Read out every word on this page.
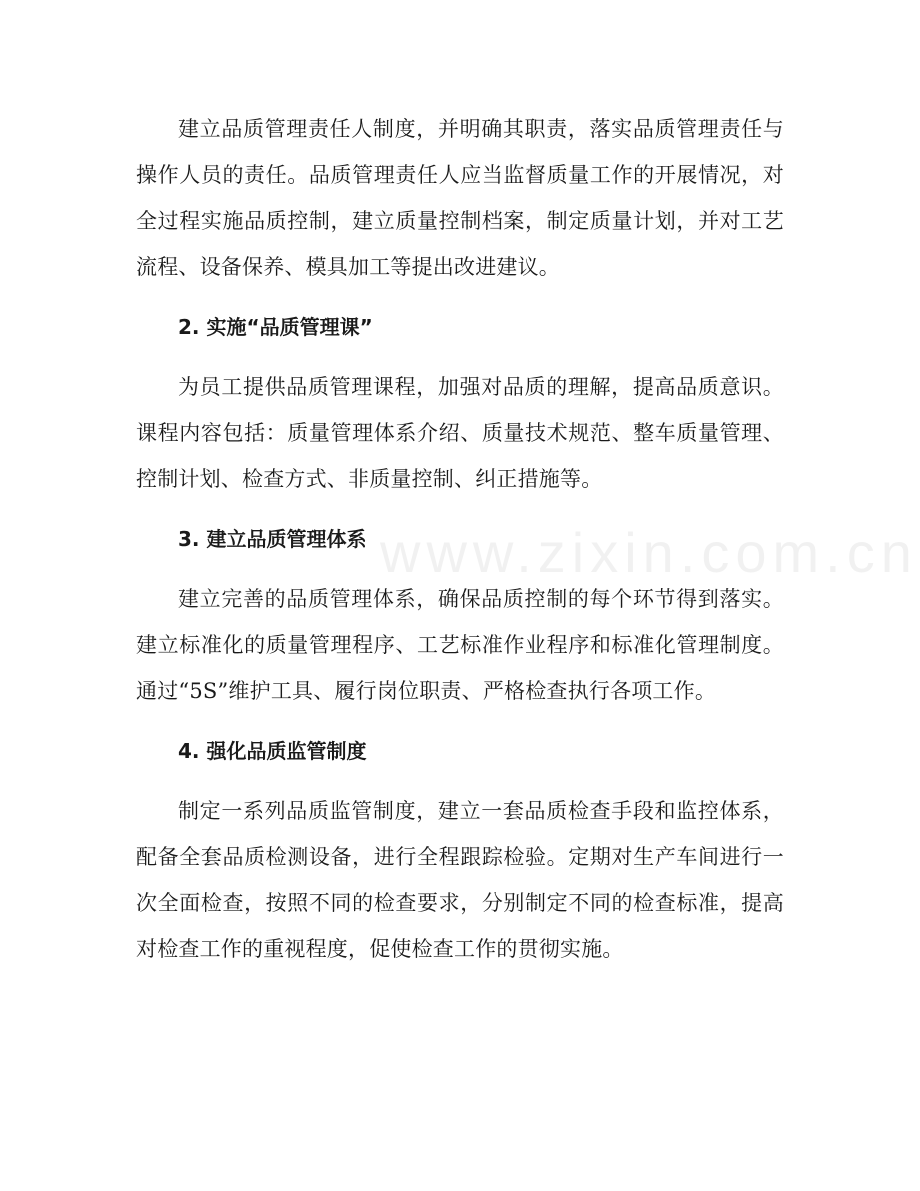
www.zixin.com.cn

建立品质管理责任人制度，并明确其职责，落实品质管理责任与操作人员的责任。品质管理责任人应当监督质量工作的开展情况，对全过程实施品质控制，建立质量控制档案，制定质量计划，并对工艺流程、设备保养、模具加工等提出改进建议。

2. 实施“品质管理课”

为员工提供品质管理课程，加强对品质的理解，提高品质意识。课程内容包括：质量管理体系介绍、质量技术规范、整车质量管理、控制计划、检查方式、非质量控制、纠正措施等。

3. 建立品质管理体系

建立完善的品质管理体系，确保品质控制的每个环节得到落实。建立标准化的质量管理程序、工艺标准作业程序和标准化管理制度。通过“5S”维护工具、履行岗位职责、严格检查执行各项工作。

4. 强化品质监管制度

制定一系列品质监管制度，建立一套品质检查手段和监控体系，配备全套品质检测设备，进行全程跟踪检验。定期对生产车间进行一次全面检查，按照不同的检查要求，分别制定不同的检查标准，提高对检查工作的重视程度，促使检查工作的贯彻实施。
